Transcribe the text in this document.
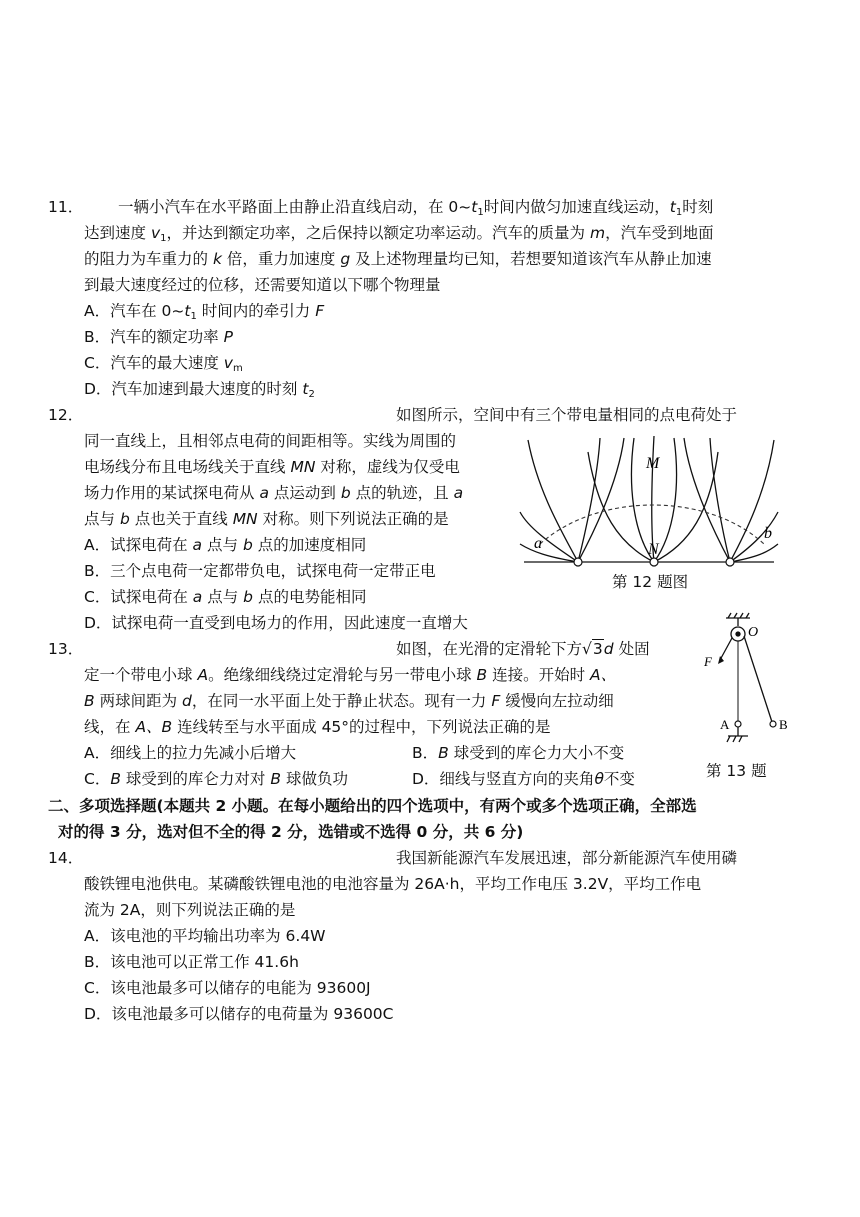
11． 一辆小汽车在水平路面上由静止沿直线启动，在 $0\sim t_1$时间内做匀加速直线运动，$t_1$时刻
达到速度 $v_1$，并达到额定功率，之后保持以额定功率运动。汽车的质量为 m，汽车受到地面
的阻力为车重力的 k 倍，重力加速度 g 及上述物理量均已知，若想要知道该汽车从静止加速
到最大速度经过的位移，还需要知道以下哪个物理量
A．汽车在 $0\sim t_1$ 时间内的牵引力 F
B．汽车的额定功率 P
C．汽车的最大速度 $v_m$
D．汽车加速到最大速度的时刻 $t_2$
12．	如图所示，空间中有三个带电量相同的点电荷处于
同一直线上，且相邻点电荷的间距相等。实线为周围的
电场线分布且电场线关于直线 MN 对称，虚线为仅受电
场力作用的某试探电荷从 a 点运动到 b 点的轨迹，且 a
点与 b 点也关于直线 MN 对称。则下列说法正确的是
A．试探电荷在 a 点与 b 点的加速度相同
B．三个点电荷一定都带负电，试探电荷一定带正电
C．试探电荷在 a 点与 b 点的电势能相同
D．试探电荷一直受到电场力的作用，因此速度一直增大
M
N
a
b
第 12 题图
13．	如图，在光滑的定滑轮下方√3d 处固
定一个带电小球 A。绝缘细线绕过定滑轮与另一带电小球 B 连接。开始时 A、
B 两球间距为 d，在同一水平面上处于静止状态。现有一力 F 缓慢向左拉动细
线，在 A、B 连线转至与水平面成 45°的过程中，下列说法正确的是
A．细线上的拉力先减小后增大	B．B 球受到的库仑力大小不变
C．B 球受到的库仑力对对 B 球做负功	D．细线与竖直方向的夹角θ不变
O
F
A	B
第 13 题
二、多项选择题(本题共 2 小题。在每小题给出的四个选项中，有两个或多个选项正确，全部选
对的得 3 分，选对但不全的得 2 分，选错或不选得 0 分，共 6 分)
14．	我国新能源汽车发展迅速，部分新能源汽车使用磷
酸铁锂电池供电。某磷酸铁锂电池的电池容量为 26A·h，平均工作电压 3.2V，平均工作电
流为 2A，则下列说法正确的是
A．该电池的平均输出功率为 6.4W
B．该电池可以正常工作 41.6h
C．该电池最多可以储存的电能为 93600J
D．该电池最多可以储存的电荷量为 93600C
